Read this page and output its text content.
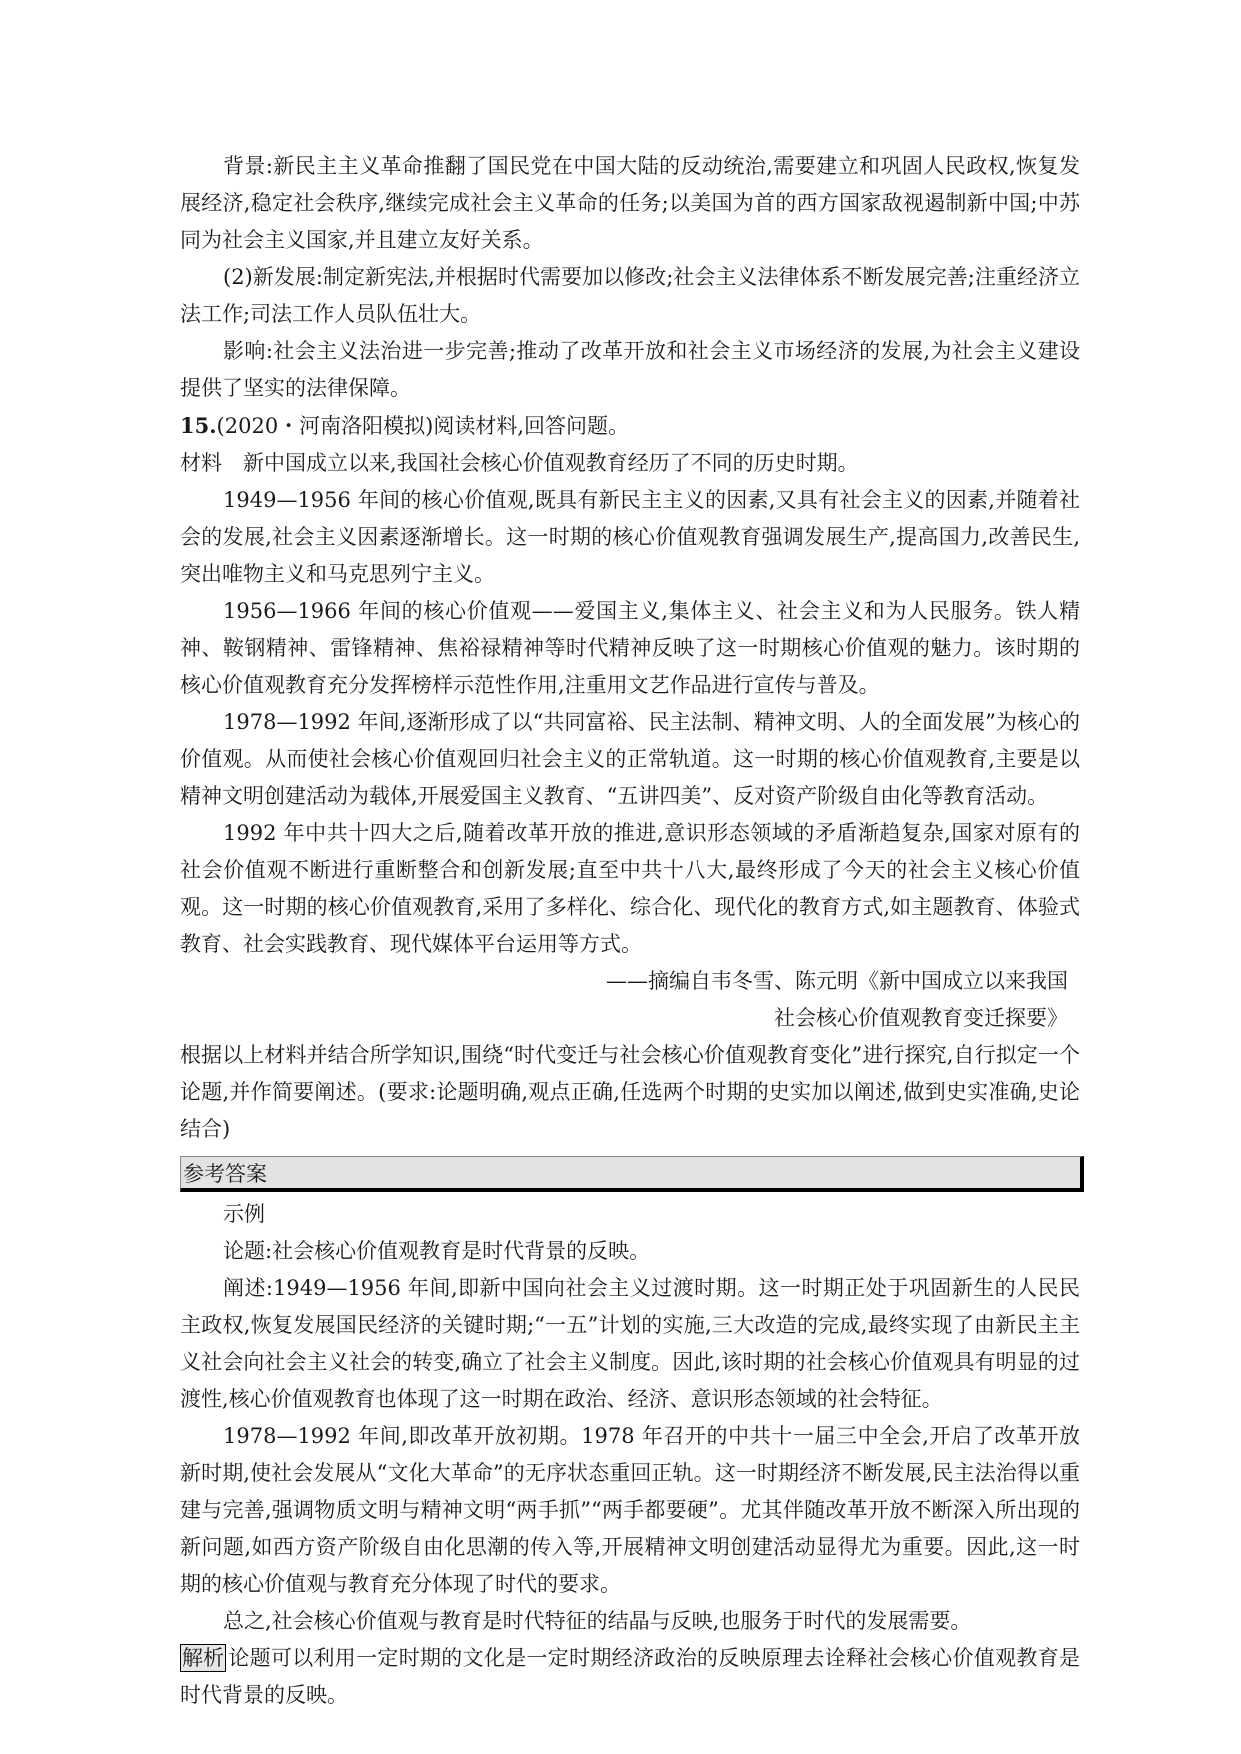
背景:新民主主义革命推翻了国民党在中国大陆的反动统治,需要建立和巩固人民政权,恢复发展经济,稳定社会秩序,继续完成社会主义革命的任务;以美国为首的西方国家敌视遏制新中国;中苏同为社会主义国家,并且建立友好关系。

(2)新发展:制定新宪法,并根据时代需要加以修改;社会主义法律体系不断发展完善;注重经济立法工作;司法工作人员队伍壮大。

影响:社会主义法治进一步完善;推动了改革开放和社会主义市场经济的发展,为社会主义建设提供了坚实的法律保障。

15.(2020・河南洛阳模拟)阅读材料,回答问题。

材料　新中国成立以来,我国社会核心价值观教育经历了不同的历史时期。

1949—1956 年间的核心价值观,既具有新民主主义的因素,又具有社会主义的因素,并随着社会的发展,社会主义因素逐渐增长。这一时期的核心价值观教育强调发展生产,提高国力,改善民生,突出唯物主义和马克思列宁主义。

1956—1966 年间的核心价值观——爱国主义,集体主义、社会主义和为人民服务。铁人精神、鞍钢精神、雷锋精神、焦裕禄精神等时代精神反映了这一时期核心价值观的魅力。该时期的核心价值观教育充分发挥榜样示范性作用,注重用文艺作品进行宣传与普及。

1978—1992 年间,逐渐形成了以“共同富裕、民主法制、精神文明、人的全面发展”为核心的价值观。从而使社会核心价值观回归社会主义的正常轨道。这一时期的核心价值观教育,主要是以精神文明创建活动为载体,开展爱国主义教育、“五讲四美”、反对资产阶级自由化等教育活动。

1992 年中共十四大之后,随着改革开放的推进,意识形态领域的矛盾渐趋复杂,国家对原有的社会价值观不断进行重断整合和创新发展;直至中共十八大,最终形成了今天的社会主义核心价值观。这一时期的核心价值观教育,采用了多样化、综合化、现代化的教育方式,如主题教育、体验式教育、社会实践教育、现代媒体平台运用等方式。

——摘编自韦冬雪、陈元明《新中国成立以来我国

社会核心价值观教育变迁探要》

根据以上材料并结合所学知识,围绕“时代变迁与社会核心价值观教育变化”进行探究,自行拟定一个论题,并作简要阐述。(要求:论题明确,观点正确,任选两个时期的史实加以阐述,做到史实准确,史论结合)

参考答案

示例

论题:社会核心价值观教育是时代背景的反映。

阐述:1949—1956 年间,即新中国向社会主义过渡时期。这一时期正处于巩固新生的人民民主政权,恢复发展国民经济的关键时期;“一五”计划的实施,三大改造的完成,最终实现了由新民主主义社会向社会主义社会的转变,确立了社会主义制度。因此,该时期的社会核心价值观具有明显的过渡性,核心价值观教育也体现了这一时期在政治、经济、意识形态领域的社会特征。

1978—1992 年间,即改革开放初期。1978 年召开的中共十一届三中全会,开启了改革开放新时期,使社会发展从“文化大革命”的无序状态重回正轨。这一时期经济不断发展,民主法治得以重建与完善,强调物质文明与精神文明“两手抓”“两手都要硬”。尤其伴随改革开放不断深入所出现的新问题,如西方资产阶级自由化思潮的传入等,开展精神文明创建活动显得尤为重要。因此,这一时期的核心价值观与教育充分体现了时代的要求。

总之,社会核心价值观与教育是时代特征的结晶与反映,也服务于时代的发展需要。

解析 论题可以利用一定时期的文化是一定时期经济政治的反映原理去诠释社会核心价值观教育是时代背景的反映。
